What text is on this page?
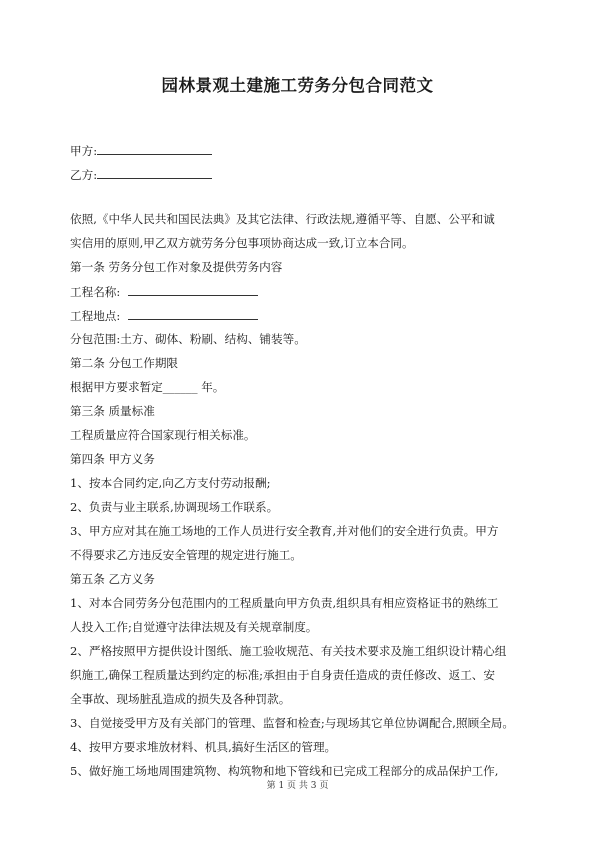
园林景观土建施工劳务分包合同范文
甲方:
乙方:
依照,《中华人民共和国民法典》及其它法律、行政法规,遵循平等、自愿、公平和诚
实信用的原则,甲乙双方就劳务分包事项协商达成一致,订立本合同。
第一条 劳务分包工作对象及提供劳务内容
工程名称:
工程地点:
分包范围:土方、砌体、粉刷、结构、铺装等。
第二条 分包工作期限
根据甲方要求暂定______ 年。
第三条 质量标准
工程质量应符合国家现行相关标准。
第四条 甲方义务
1、按本合同约定,向乙方支付劳动报酬;
2、负责与业主联系,协调现场工作联系。
3、甲方应对其在施工场地的工作人员进行安全教育,并对他们的安全进行负责。甲方
不得要求乙方违反安全管理的规定进行施工。
第五条 乙方义务
1、对本合同劳务分包范围内的工程质量向甲方负责,组织具有相应资格证书的熟练工
人投入工作;自觉遵守法律法规及有关规章制度。
2、严格按照甲方提供设计图纸、施工验收规范、有关技术要求及施工组织设计精心组
织施工,确保工程质量达到约定的标准;承担由于自身责任造成的责任修改、返工、安
全事故、现场脏乱造成的损失及各种罚款。
3、自觉接受甲方及有关部门的管理、监督和检查;与现场其它单位协调配合,照顾全局。
4、按甲方要求堆放材料、机具,搞好生活区的管理。
5、做好施工场地周围建筑物、构筑物和地下管线和已完成工程部分的成品保护工作,
第 1 页 共 3 页
